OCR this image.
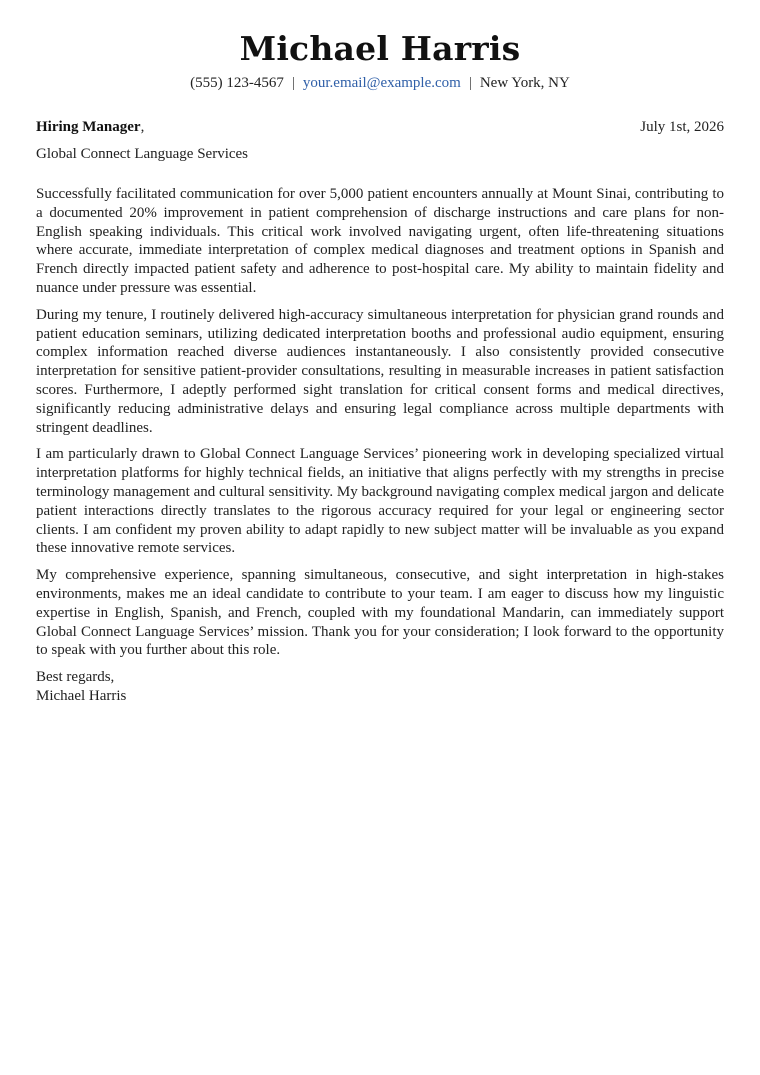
Michael Harris
(555) 123-4567 | your.email@example.com | New York, NY
Hiring Manager,	July 1st, 2026
Global Connect Language Services

Successfully facilitated communication for over 5,000 patient encounters annually at Mount Sinai, contributing to a documented 20% improvement in patient comprehension of discharge instructions and care plans for non-English speaking individuals. This critical work involved navigating urgent, often life-threatening situations where accurate, immediate interpretation of complex medical diagnoses and treatment options in Spanish and French directly impacted patient safety and adherence to post-hospital care. My ability to maintain fidelity and nuance under pressure was essential.

During my tenure, I routinely delivered high-accuracy simultaneous interpretation for physician grand rounds and patient education seminars, utilizing dedicated interpretation booths and professional audio equipment, ensuring complex information reached diverse audiences instantaneously. I also consistently provided consecutive interpretation for sensitive patient-provider consultations, resulting in measurable increases in patient satisfaction scores. Furthermore, I adeptly performed sight translation for critical consent forms and medical directives, significantly reducing administrative delays and ensuring legal compliance across multiple departments with stringent deadlines.

I am particularly drawn to Global Connect Language Services’ pioneering work in developing specialized virtual interpretation platforms for highly technical fields, an initiative that aligns perfectly with my strengths in precise terminology management and cultural sensitivity. My background navigating complex medical jargon and delicate patient interactions directly translates to the rigorous accuracy required for your legal or engineering sector clients. I am confident my proven ability to adapt rapidly to new subject matter will be invaluable as you expand these innovative remote services.

My comprehensive experience, spanning simultaneous, consecutive, and sight interpretation in high-stakes environments, makes me an ideal candidate to contribute to your team. I am eager to discuss how my linguistic expertise in English, Spanish, and French, coupled with my foundational Mandarin, can immediately support Global Connect Language Services’ mission. Thank you for your consideration; I look forward to the opportunity to speak with you further about this role.

Best regards,
Michael Harris
